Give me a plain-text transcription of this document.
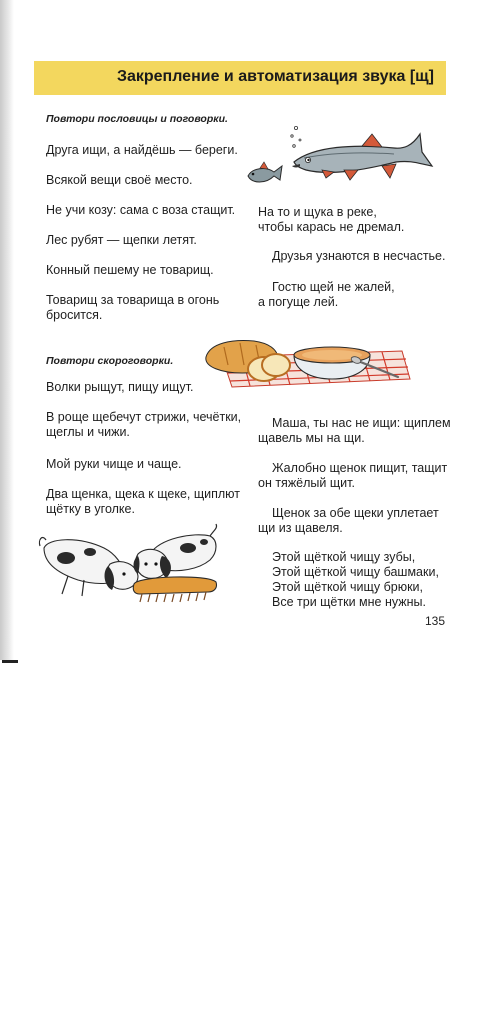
Закрепление и автоматизация звука [щ]
Повтори пословицы и поговорки.
Друга ищи, а найдёшь — береги.
Всякой вещи своё место.
Не учи козу: сама с воза стащит.
Лес рубят — щепки летят.
Конный пешему не товарищ.
Товарищ за товарища в огонь
бросится.
На то и щука в реке,
чтобы карась не дремал.
Друзья узнаются в несчастье.
Гостю щей не жалей,
а погуще лей.
Повтори скороговорки.
Волки рыщут, пищу ищут.
В роще щебечут стрижи, чечётки,
щеглы и чижи.
Мой руки чище и чаще.
Два щенка, щека к щеке, щиплют
щётку в уголке.
Маша, ты нас не ищи: щиплем
щавель мы на щи.
Жалобно щенок пищит, тащит
он тяжёлый щит.
Щенок за обе щеки уплетает
щи из щавеля.
Этой щёткой чищу зубы,
Этой щёткой чищу башмаки,
Этой щёткой чищу брюки,
Все три щётки мне нужны.
135
